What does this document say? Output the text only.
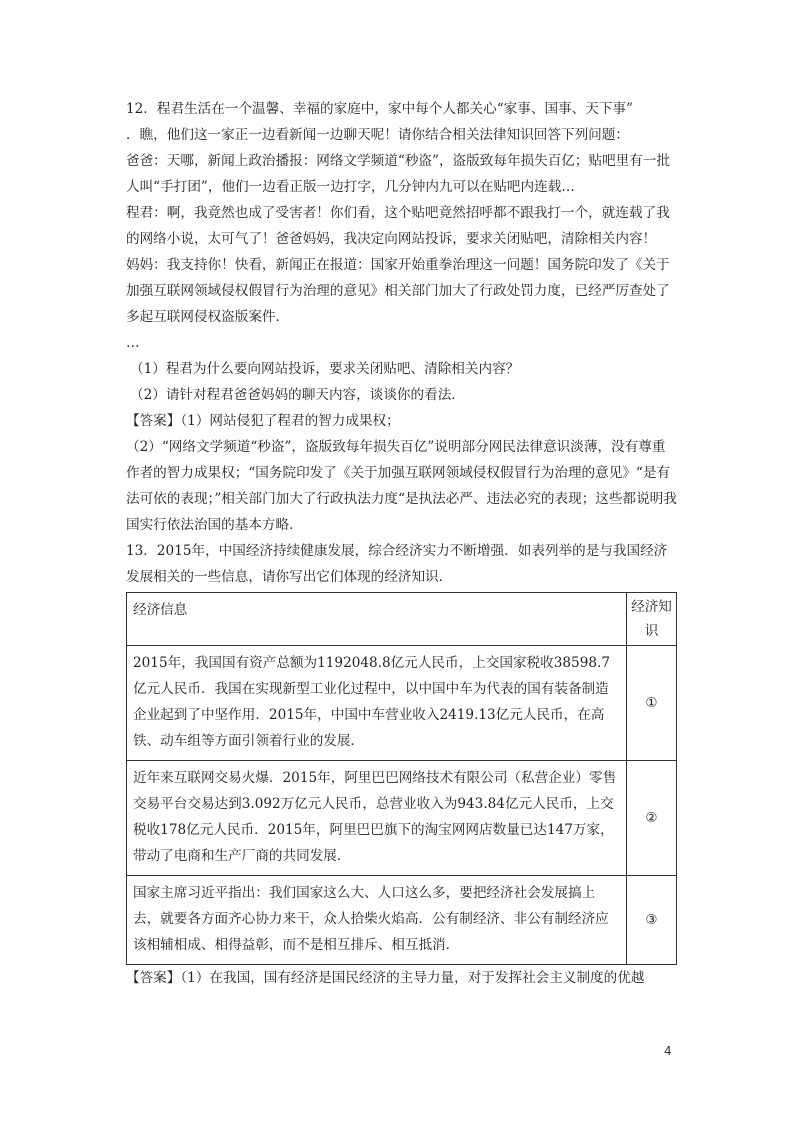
12．程君生活在一个温馨、幸福的家庭中，家中每个人都关心“家事、国事、天下事”

．瞧，他们这一家正一边看新闻一边聊天呢！请你结合相关法律知识回答下列问题：

爸爸：天哪，新闻上政治播报：网络文学频道“秒盗”，盗版致每年损失百亿；贴吧里有一批人叫“手打团”，他们一边看正版一边打字，几分钟内九可以在贴吧内连载…

程君：啊，我竟然也成了受害者！你们看，这个贴吧竟然招呼都不跟我打一个，就连载了我的网络小说，太可气了！爸爸妈妈，我决定向网站投诉，要求关闭贴吧，清除相关内容！

妈妈：我支持你！快看，新闻正在报道：国家开始重拳治理这一问题！国务院印发了《关于加强互联网领域侵权假冒行为治理的意见》相关部门加大了行政处罚力度，已经严厉查处了多起互联网侵权盗版案件．

…

（1）程君为什么要向网站投诉，要求关闭贴吧、清除相关内容？

（2）请针对程君爸爸妈妈的聊天内容，谈谈你的看法．

【答案】（1）网站侵犯了程君的智力成果权；

（2）“网络文学频道“秒盗”，盗版致每年损失百亿”说明部分网民法律意识淡薄，没有尊重作者的智力成果权；“国务院印发了《关于加强互联网领域侵权假冒行为治理的意见》“是有法可依的表现；”相关部门加大了行政执法力度“是执法必严、违法必究的表现；这些都说明我国实行依法治国的基本方略．

13．2015年，中国经济持续健康发展，综合经济实力不断增强．如表列举的是与我国经济发展相关的一些信息，请你写出它们体现的经济知识．

经济信息	经济知识
2015年，我国国有资产总额为1192048.8亿元人民币，上交国家税收38598.7亿元人民币．我国在实现新型工业化过程中，以中国中车为代表的国有装备制造企业起到了中坚作用．2015年，中国中车营业收入2419.13亿元人民币，在高铁、动车组等方面引领着行业的发展．	①
近年来互联网交易火爆．2015年，阿里巴巴网络技术有限公司（私营企业）零售交易平台交易达到3.092万亿元人民币，总营业收入为943.84亿元人民币，上交税收178亿元人民币．2015年，阿里巴巴旗下的淘宝网网店数量已达147万家，带动了电商和生产厂商的共同发展．	②
国家主席习近平指出：我们国家这么大、人口这么多，要把经济社会发展搞上去，就要各方面齐心协力来干，众人拾柴火焰高．公有制经济、非公有制经济应该相辅相成、相得益彰，而不是相互排斥、相互抵消．	③

【答案】（1）在我国，国有经济是国民经济的主导力量，对于发挥社会主义制度的优越

4
